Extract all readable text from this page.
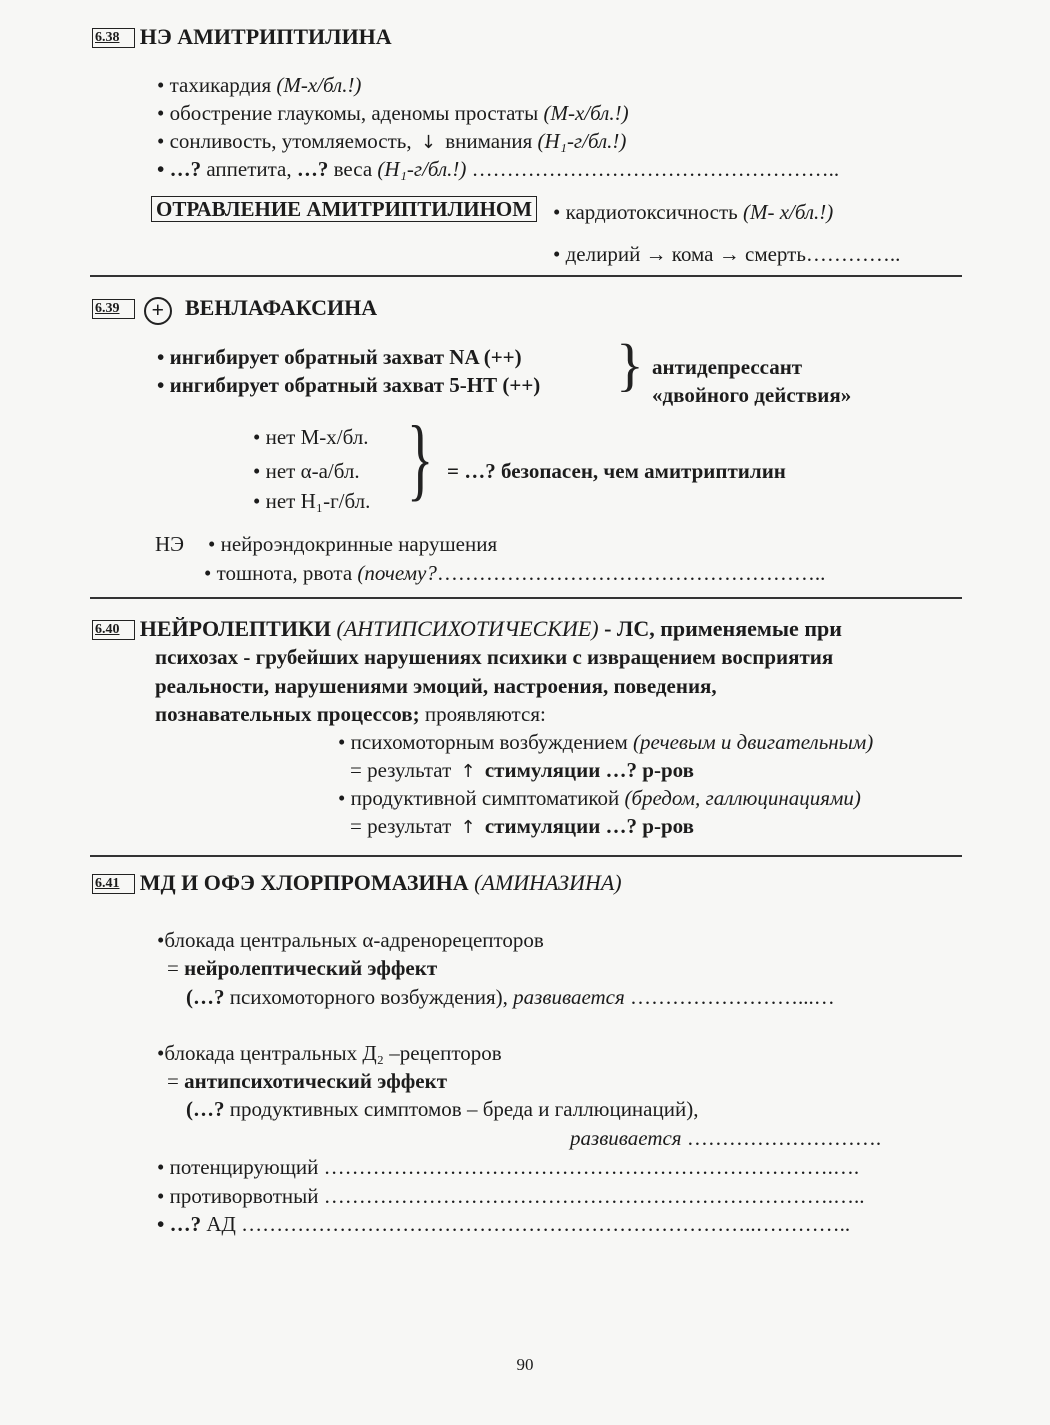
6.38 НЭ АМИТРИПТИЛИНА
• тахикардия (М-х/бл.!)
• обострение глаукомы, аденомы простаты (М-х/бл.!)
• сонливость, утомляемость, ↓ внимания (H₁-г/бл.!)
• …? аппетита, …? веса (H₁-г/бл.!) ……………………………………………..
ОТРАВЛЕНИЕ АМИТРИПТИЛИНОМ • кардиотоксичность (М- х/бл.!)
• делирий → кома → смерть…………..
6.39 + ВЕНЛАФАКСИНА
• ингибирует обратный захват NA (++)
• ингибирует обратный захват 5-НТ (++) } антидепрессант
«двойного действия»
• нет М-х/бл.
• нет α-а/бл.
• нет H₁-г/бл. } = …? безопасен, чем амитриптилин
НЭ • нейроэндокринные нарушения
• тошнота, рвота (почему?………………………………………………..
6.40 НЕЙРОЛЕПТИКИ (АНТИПСИХОТИЧЕСКИЕ) - ЛС, применяемые при
психозах - грубейших нарушениях психики с извращением восприятия
реальности, нарушениями эмоций, настроения, поведения,
познавательных процессов; проявляются:
• психомоторным возбуждением (речевым и двигательным)
= результат ↑ стимуляции …? р-ров
• продуктивной симптоматикой (бредом, галлюцинациями)
= результат ↑ стимуляции …? р-ров
6.41 МД И ОФЭ ХЛОРПРОМАЗИНА (АМИНАЗИНА)
•блокада центральных α-адренорецепторов
= нейролептический эффект
(…? психомоторного возбуждения), развивается ……………………...…
•блокада центральных Д₂ –рецепторов
= антипсихотический эффект
(…? продуктивных симптомов – бреда и галлюцинаций),
развивается ……………………….
• потенцирующий ……………………………………………………………….….
• противорвотный ……………………………………………………………….…..
• …? АД ………………………………………………………………..…………..
90
